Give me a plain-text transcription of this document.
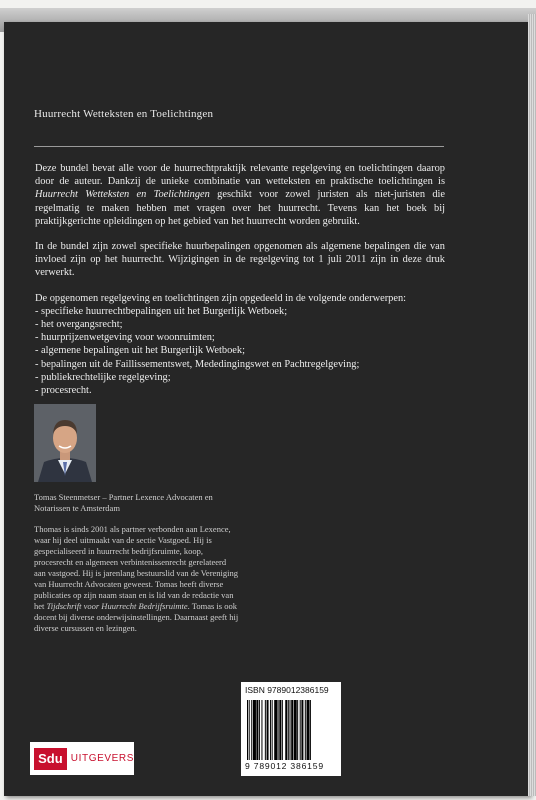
Huurrecht Wetteksten en Toelichtingen

Deze bundel bevat alle voor de huurrechtpraktijk relevante regelgeving en toelichtingen daarop door de auteur. Dankzij de unieke combinatie van wetteksten en praktische toelichtingen is Huurrecht Wetteksten en Toelichtingen geschikt voor zowel juristen als niet-juristen die regelmatig te maken hebben met vragen over het huurrecht. Tevens kan het boek bij praktijkgerichte opleidingen op het gebied van het huurrecht worden gebruikt.

In de bundel zijn zowel specifieke huurbepalingen opgenomen als algemene bepalingen die van invloed zijn op het huurrecht. Wijzigingen in de regelgeving tot 1 juli 2011 zijn in deze druk verwerkt.

De opgenomen regelgeving en toelichtingen zijn opgedeeld in de volgende onderwerpen:

- specifieke huurrechtbepalingen uit het Burgerlijk Wetboek;
- het overgangsrecht;
- huurprijzenwetgeving voor woonruimten;
- algemene bepalingen uit het Burgerlijk Wetboek;
- bepalingen uit de Faillissementswet, Mededingingswet en Pachtregelgeving;
- publiekrechtelijke regelgeving;
- procesrecht.
Tomas Steenmetser – Partner Lexence Advocaten en
Notarissen te Amsterdam
Thomas is sinds 2001 als partner verbonden aan Lexence, waar hij deel uitmaakt van de sectie Vastgoed. Hij is gespecialiseerd in huurrecht bedrijfsruimte, koop, procesrecht en algemeen verbintenissenrecht gerelateerd aan vastgoed. Hij is jarenlang bestuurslid van de Vereniging van Huurrecht Advocaten geweest. Tomas heeft diverse publicaties op zijn naam staan en is lid van de redactie van het Tijdschrift voor Huurrecht Bedrijfsruimte. Tomas is ook docent bij diverse onderwijsinstellingen. Daarnaast geeft hij diverse cursussen en lezingen.
ISBN 9789012386159
9 789012 386159
Sdu UITGEVERS
